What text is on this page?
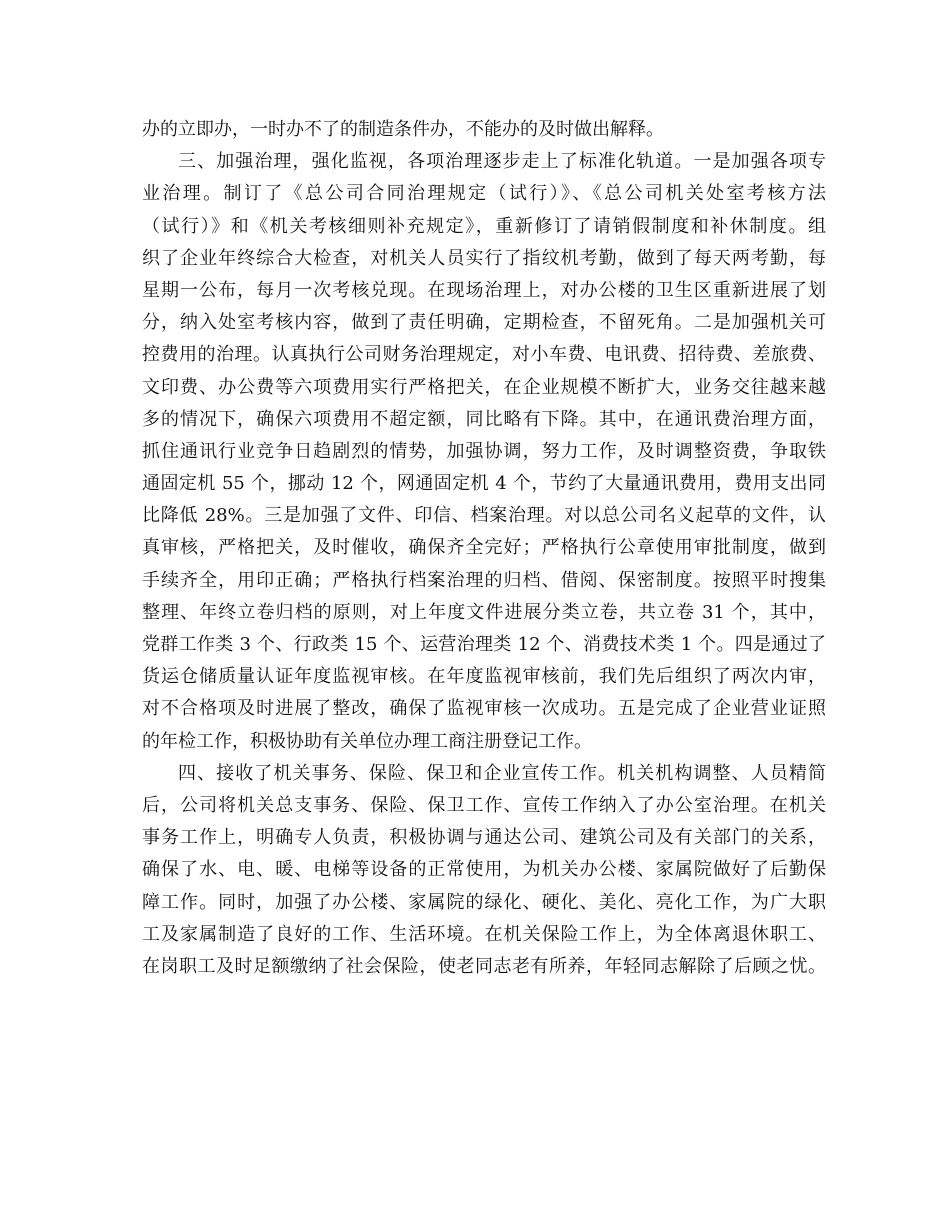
办的立即办，一时办不了的制造条件办，不能办的及时做出解释。
三、加强治理，强化监视，各项治理逐步走上了标准化轨道。一是加强各项专
业治理。制订了《总公司合同治理规定（试行）》、《总公司机关处室考核方法
（试行）》和《机关考核细则补充规定》，重新修订了请销假制度和补休制度。组
织了企业年终综合大检查，对机关人员实行了指纹机考勤，做到了每天两考勤，每
星期一公布，每月一次考核兑现。在现场治理上，对办公楼的卫生区重新进展了划
分，纳入处室考核内容，做到了责任明确，定期检查，不留死角。二是加强机关可
控费用的治理。认真执行公司财务治理规定，对小车费、电讯费、招待费、差旅费、
文印费、办公费等六项费用实行严格把关，在企业规模不断扩大，业务交往越来越
多的情况下，确保六项费用不超定额，同比略有下降。其中，在通讯费治理方面，
抓住通讯行业竞争日趋剧烈的情势，加强协调，努力工作，及时调整资费，争取铁
通固定机 55 个，挪动 12 个，网通固定机 4 个，节约了大量通讯费用，费用支出同
比降低 28%。三是加强了文件、印信、档案治理。对以总公司名义起草的文件，认
真审核，严格把关，及时催收，确保齐全完好；严格执行公章使用审批制度，做到
手续齐全，用印正确；严格执行档案治理的归档、借阅、保密制度。按照平时搜集
整理、年终立卷归档的原则，对上年度文件进展分类立卷，共立卷 31 个，其中，
党群工作类 3 个、行政类 15 个、运营治理类 12 个、消费技术类 1 个。四是通过了
货运仓储质量认证年度监视审核。在年度监视审核前，我们先后组织了两次内审，
对不合格项及时进展了整改，确保了监视审核一次成功。五是完成了企业营业证照
的年检工作，积极协助有关单位办理工商注册登记工作。
四、接收了机关事务、保险、保卫和企业宣传工作。机关机构调整、人员精简
后，公司将机关总支事务、保险、保卫工作、宣传工作纳入了办公室治理。在机关
事务工作上，明确专人负责，积极协调与通达公司、建筑公司及有关部门的关系，
确保了水、电、暖、电梯等设备的正常使用，为机关办公楼、家属院做好了后勤保
障工作。同时，加强了办公楼、家属院的绿化、硬化、美化、亮化工作，为广大职
工及家属制造了良好的工作、生活环境。在机关保险工作上，为全体离退休职工、
在岗职工及时足额缴纳了社会保险，使老同志老有所养，年轻同志解除了后顾之忧。
